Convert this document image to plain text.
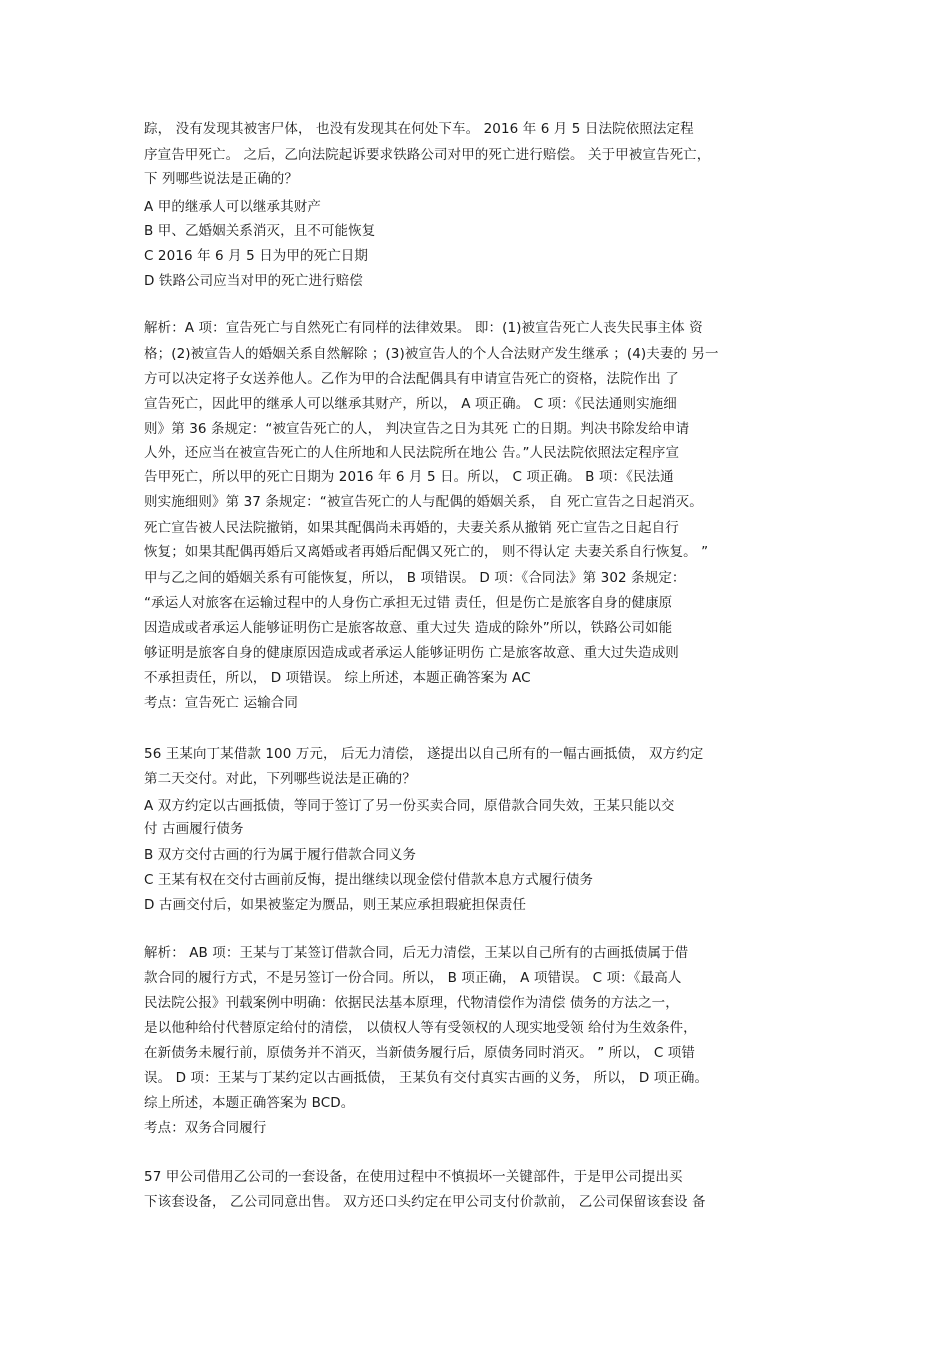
踪， 没有发现其被害尸体， 也没有发现其在何处下车。 2016 年 6 月 5 日法院依照法定程
序宣告甲死亡。 之后，乙向法院起诉要求铁路公司对甲的死亡进行赔偿。 关于甲被宣告死亡，
下 列哪些说法是正确的？
A 甲的继承人可以继承其财产
B 甲、乙婚姻关系消灭，且不可能恢复
C 2016 年 6 月 5 日为甲的死亡日期
D 铁路公司应当对甲的死亡进行赔偿
解析：A 项：宣告死亡与自然死亡有同样的法律效果。 即：(1)被宣告死亡人丧失民事主体 资
格；(2)被宣告人的婚姻关系自然解除 ；(3)被宣告人的个人合法财产发生继承 ；(4)夫妻的 另一
方可以决定将子女送养他人。乙作为甲的合法配偶具有申请宣告死亡的资格，法院作出 了
宣告死亡，因此甲的继承人可以继承其财产，所以， A 项正确。 C 项：《民法通则实施细
则》第 36 条规定：“被宣告死亡的人， 判决宣告之日为其死 亡的日期。判决书除发给申请
人外，还应当在被宣告死亡的人住所地和人民法院所在地公 告。”人民法院依照法定程序宣
告甲死亡，所以甲的死亡日期为 2016 年 6 月 5 日。所以， C 项正确。 B 项：《民法通
则实施细则》第 37 条规定：“被宣告死亡的人与配偶的婚姻关系， 自 死亡宣告之日起消灭。
死亡宣告被人民法院撤销，如果其配偶尚未再婚的，夫妻关系从撤销 死亡宣告之日起自行
恢复；如果其配偶再婚后又离婚或者再婚后配偶又死亡的， 则不得认定 夫妻关系自行恢复。 ”
甲与乙之间的婚姻关系有可能恢复，所以， B 项错误。 D 项：《合同法》第 302 条规定：
“承运人对旅客在运输过程中的人身伤亡承担无过错 责任，但是伤亡是旅客自身的健康原
因造成或者承运人能够证明伤亡是旅客故意、重大过失 造成的除外”所以，铁路公司如能
够证明是旅客自身的健康原因造成或者承运人能够证明伤 亡是旅客故意、重大过失造成则
不承担责任，所以， D 项错误。 综上所述，本题正确答案为 AC
考点：宣告死亡 运输合同
56 王某向丁某借款 100 万元， 后无力清偿， 遂提出以自己所有的一幅古画抵债， 双方约定
第二天交付。对此，下列哪些说法是正确的？
A 双方约定以古画抵债，等同于签订了另一份买卖合同，原借款合同失效，王某只能以交
付 古画履行债务
B 双方交付古画的行为属于履行借款合同义务
C 王某有权在交付古画前反悔，提出继续以现金偿付借款本息方式履行债务
D 古画交付后，如果被鉴定为赝品，则王某应承担瑕疵担保责任
解析： AB 项：王某与丁某签订借款合同，后无力清偿，王某以自己所有的古画抵债属于借
款合同的履行方式，不是另签订一份合同。所以， B 项正确， A 项错误。 C 项：《最高人
民法院公报》刊载案例中明确：依据民法基本原理，代物清偿作为清偿 债务的方法之一，
是以他种给付代替原定给付的清偿， 以债权人等有受领权的人现实地受领 给付为生效条件，
在新债务未履行前，原债务并不消灭，当新债务履行后，原债务同时消灭。 ” 所以， C 项错
误。 D 项：王某与丁某约定以古画抵债， 王某负有交付真实古画的义务， 所以， D 项正确。
综上所述，本题正确答案为 BCD。
考点：双务合同履行
57 甲公司借用乙公司的一套设备，在使用过程中不慎损坏一关键部件，于是甲公司提出买
下该套设备， 乙公司同意出售。 双方还口头约定在甲公司支付价款前， 乙公司保留该套设 备
